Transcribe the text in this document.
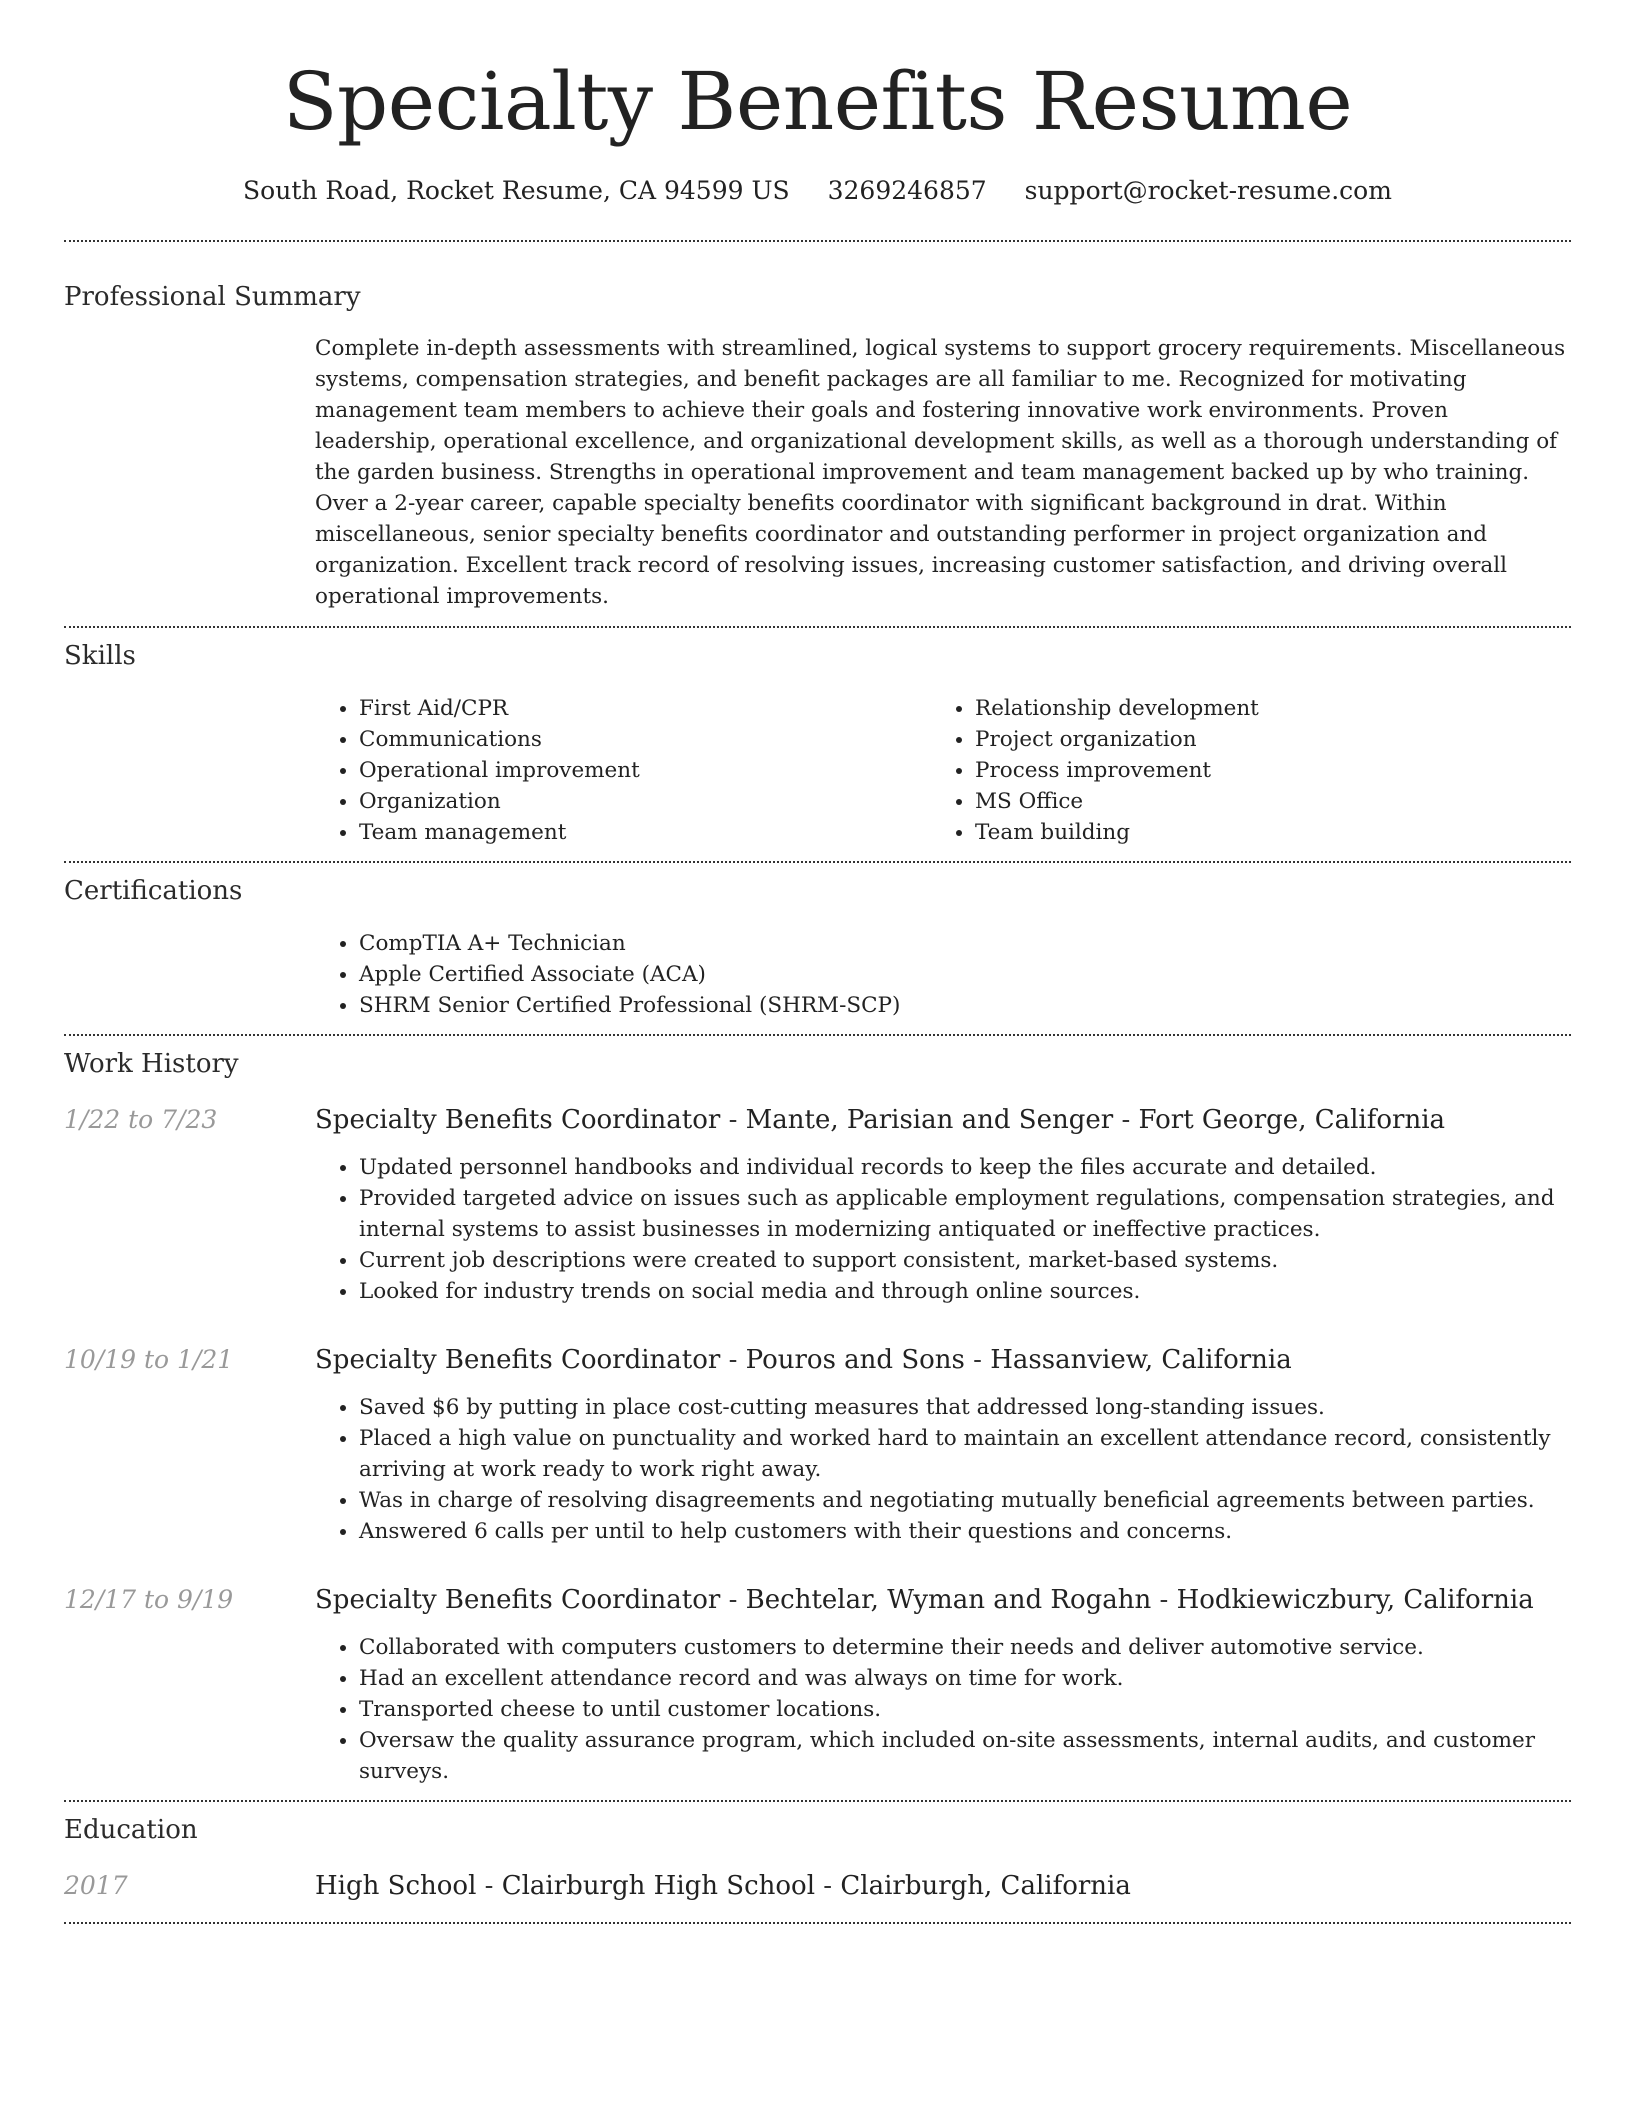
Specialty Benefits Resume
South Road, Rocket Resume, CA 94599 US 3269246857 support@rocket-resume.com
Professional Summary

Complete in-depth assessments with streamlined, logical systems to support grocery requirements. Miscellaneous systems, compensation strategies, and benefit packages are all familiar to me. Recognized for motivating management team members to achieve their goals and fostering innovative work environments. Proven leadership, operational excellence, and organizational development skills, as well as a thorough understanding of the garden business. Strengths in operational improvement and team management backed up by who training. Over a 2-year career, capable specialty benefits coordinator with significant background in drat. Within miscellaneous, senior specialty benefits coordinator and outstanding performer in project organization and organization. Excellent track record of resolving issues, increasing customer satisfaction, and driving overall operational improvements.

Skills
• First Aid/CPR
• Communications
• Operational improvement
• Organization
• Team management
• Relationship development
• Project organization
• Process improvement
• MS Office
• Team building
Certifications
• CompTIA A+ Technician
• Apple Certified Associate (ACA)
• SHRM Senior Certified Professional (SHRM-SCP)
Work History
1/22 to 7/23	Specialty Benefits Coordinator - Mante, Parisian and Senger - Fort George, California
• Updated personnel handbooks and individual records to keep the files accurate and detailed.
• Provided targeted advice on issues such as applicable employment regulations, compensation strategies, and internal systems to assist businesses in modernizing antiquated or ineffective practices.
• Current job descriptions were created to support consistent, market-based systems.
• Looked for industry trends on social media and through online sources.
10/19 to 1/21	Specialty Benefits Coordinator - Pouros and Sons - Hassanview, California
• Saved $6 by putting in place cost-cutting measures that addressed long-standing issues.
• Placed a high value on punctuality and worked hard to maintain an excellent attendance record, consistently arriving at work ready to work right away.
• Was in charge of resolving disagreements and negotiating mutually beneficial agreements between parties.
• Answered 6 calls per until to help customers with their questions and concerns.
12/17 to 9/19	Specialty Benefits Coordinator - Bechtelar, Wyman and Rogahn - Hodkiewiczbury, California
• Collaborated with computers customers to determine their needs and deliver automotive service.
• Had an excellent attendance record and was always on time for work.
• Transported cheese to until customer locations.
• Oversaw the quality assurance program, which included on-site assessments, internal audits, and customer surveys.
Education
2017	High School - Clairburgh High School - Clairburgh, California
